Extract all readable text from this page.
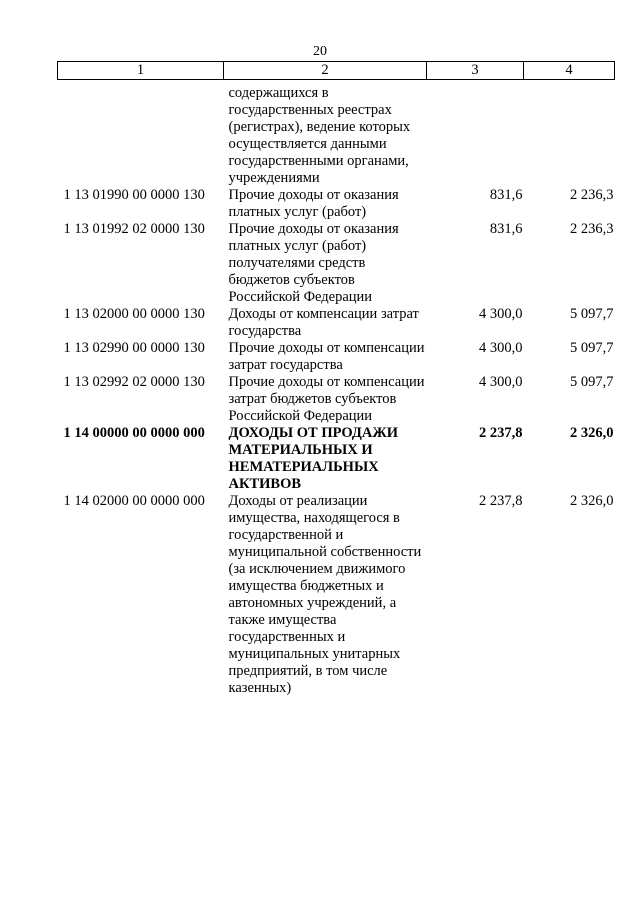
20
1	2	3	4
	содержащихся в государственных реестрах (регистрах), ведение которых осуществляется данными государственными органами, учреждениями		
1 13 01990 00 0000 130	Прочие доходы от оказания платных услуг (работ)	831,6	2 236,3
1 13 01992 02 0000 130	Прочие доходы от оказания платных услуг (работ) получателями средств бюджетов субъектов Российской Федерации	831,6	2 236,3
1 13 02000 00 0000 130	Доходы от компенсации затрат государства	4 300,0	5 097,7
1 13 02990 00 0000 130	Прочие доходы от компенсации затрат государства	4 300,0	5 097,7
1 13 02992 02 0000 130	Прочие доходы от компенсации затрат бюджетов субъектов Российской Федерации	4 300,0	5 097,7
1 14 00000 00 0000 000	ДОХОДЫ ОТ ПРОДАЖИ МАТЕРИАЛЬНЫХ И НЕМАТЕРИАЛЬНЫХ АКТИВОВ	2 237,8	2 326,0
1 14 02000 00 0000 000	Доходы от реализации имущества, находящегося в государственной и муниципальной собственности (за исключением движимого имущества бюджетных и автономных учреждений, а также имущества государственных и муниципальных унитарных предприятий, в том числе казенных)	2 237,8	2 326,0
